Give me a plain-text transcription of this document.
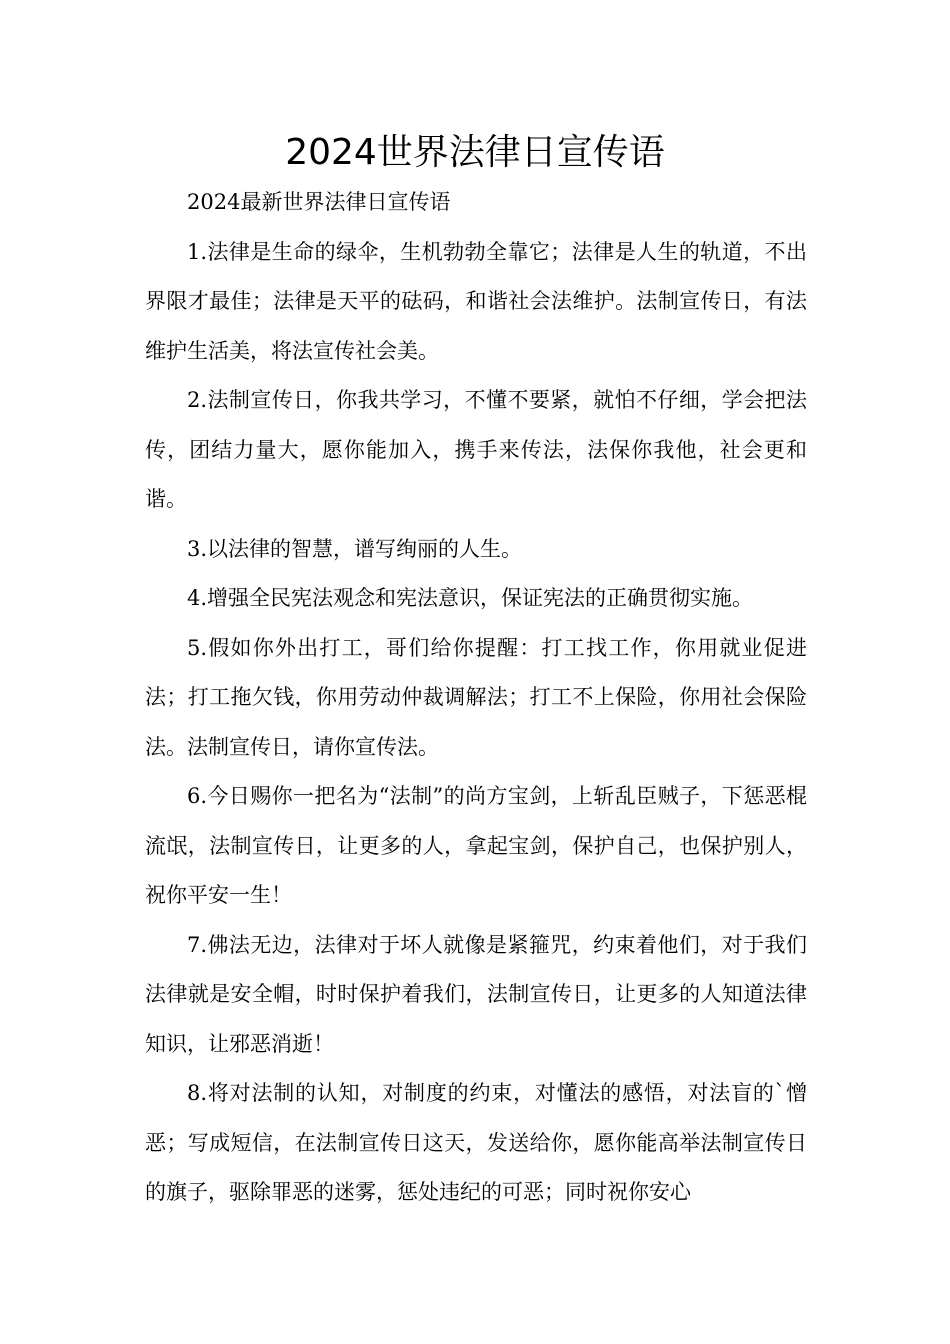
2024世界法律日宣传语

2024最新世界法律日宣传语

1.法律是生命的绿伞，生机勃勃全靠它；法律是人生的轨道，不出界限才最佳；法律是天平的砝码，和谐社会法维护。法制宣传日，有法维护生活美，将法宣传社会美。

2.法制宣传日，你我共学习，不懂不要紧，就怕不仔细，学会把法传，团结力量大，愿你能加入，携手来传法，法保你我他，社会更和谐。

3.以法律的智慧，谱写绚丽的人生。

4.增强全民宪法观念和宪法意识，保证宪法的正确贯彻实施。

5.假如你外出打工，哥们给你提醒：打工找工作，你用就业促进法；打工拖欠钱，你用劳动仲裁调解法；打工不上保险，你用社会保险法。法制宣传日，请你宣传法。

6.今日赐你一把名为“法制”的尚方宝剑，上斩乱臣贼子，下惩恶棍流氓，法制宣传日，让更多的人，拿起宝剑，保护自己，也保护别人，祝你平安一生！

7.佛法无边，法律对于坏人就像是紧箍咒，约束着他们，对于我们法律就是安全帽，时时保护着我们，法制宣传日，让更多的人知道法律知识，让邪恶消逝！

8.将对法制的认知，对制度的约束，对懂法的感悟，对法盲的`憎恶；写成短信，在法制宣传日这天，发送给你，愿你能高举法制宣传日的旗子，驱除罪恶的迷雾，惩处违纪的可恶；同时祝你安心
